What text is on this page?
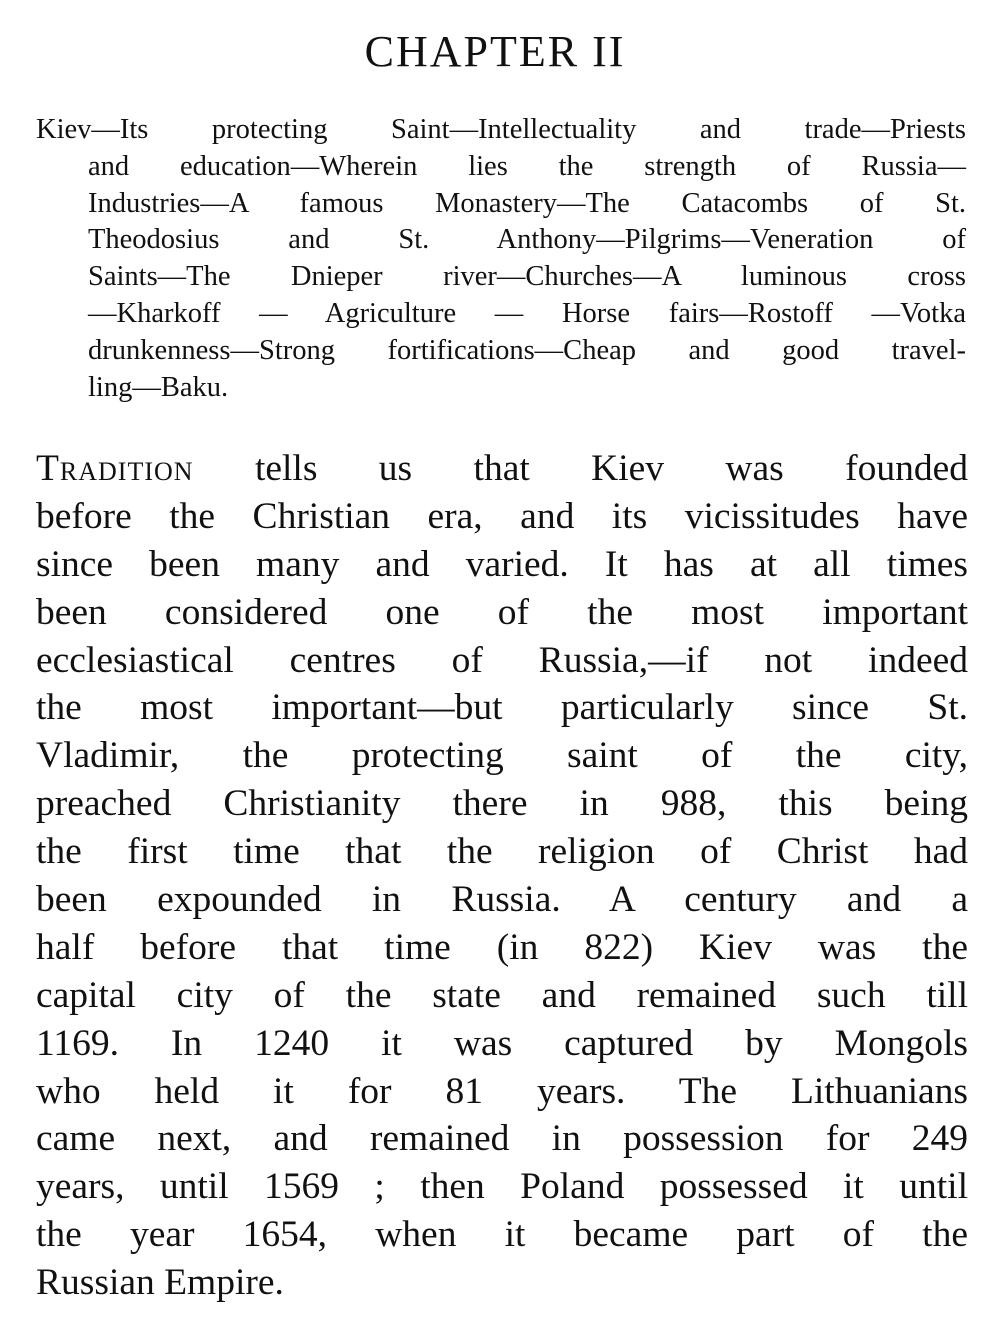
CHAPTER II
Kiev—Its protecting Saint—Intellectuality and trade—Priests
and education—Wherein lies the strength of Russia—
Industries—A famous Monastery—The Catacombs of St.
Theodosius and St. Anthony—Pilgrims—Veneration of
Saints—The Dnieper river—Churches—A luminous cross
—Kharkoff — Agriculture — Horse fairs—Rostoff —Votka
drunkenness—Strong fortifications—Cheap and good travel-
ling—Baku.
Tradition tells us that Kiev was founded
before the Christian era, and its vicissitudes have
since been many and varied. It has at all times
been considered one of the most important
ecclesiastical centres of Russia,—if not indeed
the most important—but particularly since St.
Vladimir, the protecting saint of the city,
preached Christianity there in 988, this being
the first time that the religion of Christ had
been expounded in Russia. A century and a
half before that time (in 822) Kiev was the
capital city of the state and remained such till
1169. In 1240 it was captured by Mongols
who held it for 81 years. The Lithuanians
came next, and remained in possession for 249
years, until 1569 ; then Poland possessed it until
the year 1654, when it became part of the
Russian Empire.
